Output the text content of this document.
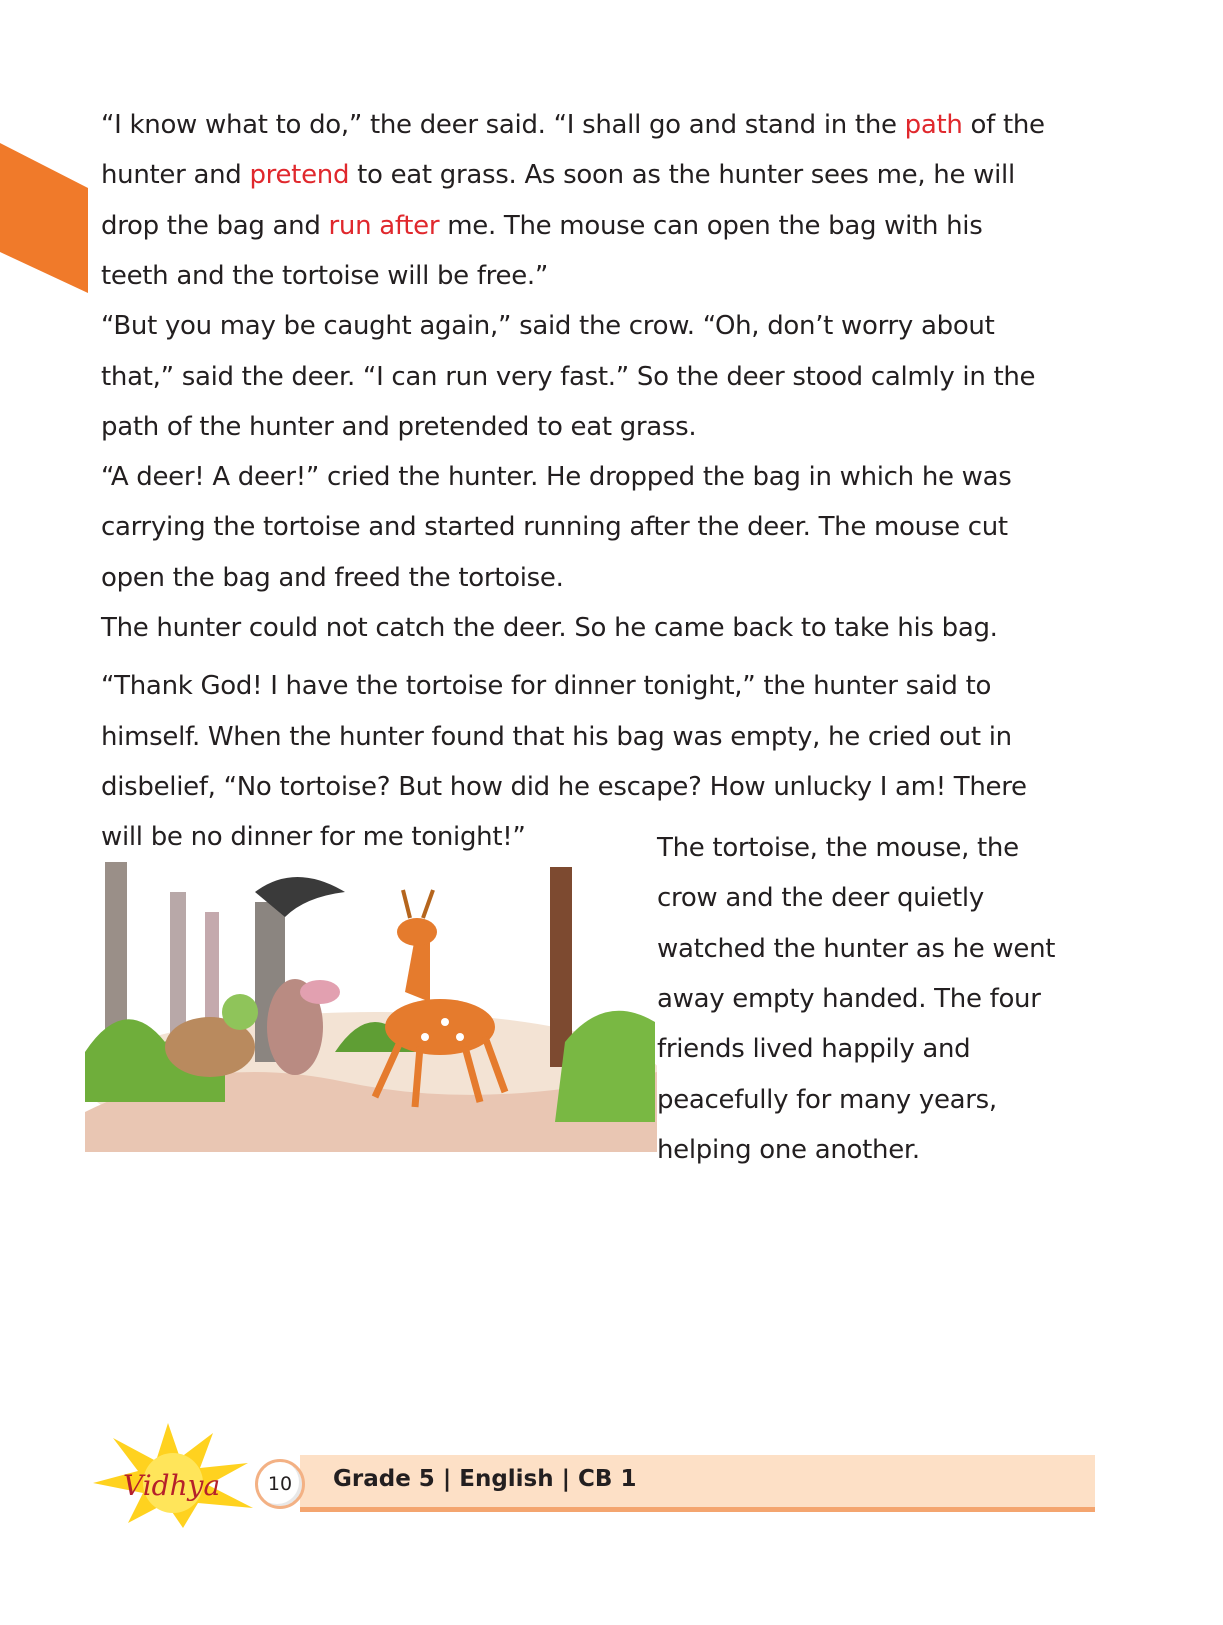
“I know what to do,” the deer said. “I shall go and stand in the path of the
hunter and pretend to eat grass. As soon as the hunter sees me, he will
drop the bag and run after me. The mouse can open the bag with his
teeth and the tortoise will be free.”
“But you may be caught again,” said the crow. “Oh, don’t worry about
that,” said the deer. “I can run very fast.” So the deer stood calmly in the
path of the hunter and pretended to eat grass.
“A deer! A deer!” cried the hunter. He dropped the bag in which he was
carrying the tortoise and started running after the deer. The mouse cut
open the bag and freed the tortoise.
The hunter could not catch the deer. So he came back to take his bag.
“Thank God! I have the tortoise for dinner tonight,” the hunter said to
himself. When the hunter found that his bag was empty, he cried out in
disbelief, “No tortoise? But how did he escape? How unlucky I am! There
will be no dinner for me tonight!”	The tortoise, the mouse, the
crow and the deer quietly
watched the hunter as he went
away empty handed. The four
friends lived happily and
peacefully for many years,
helping one another.
Vidhya	10	Grade 5 | English | CB 1
